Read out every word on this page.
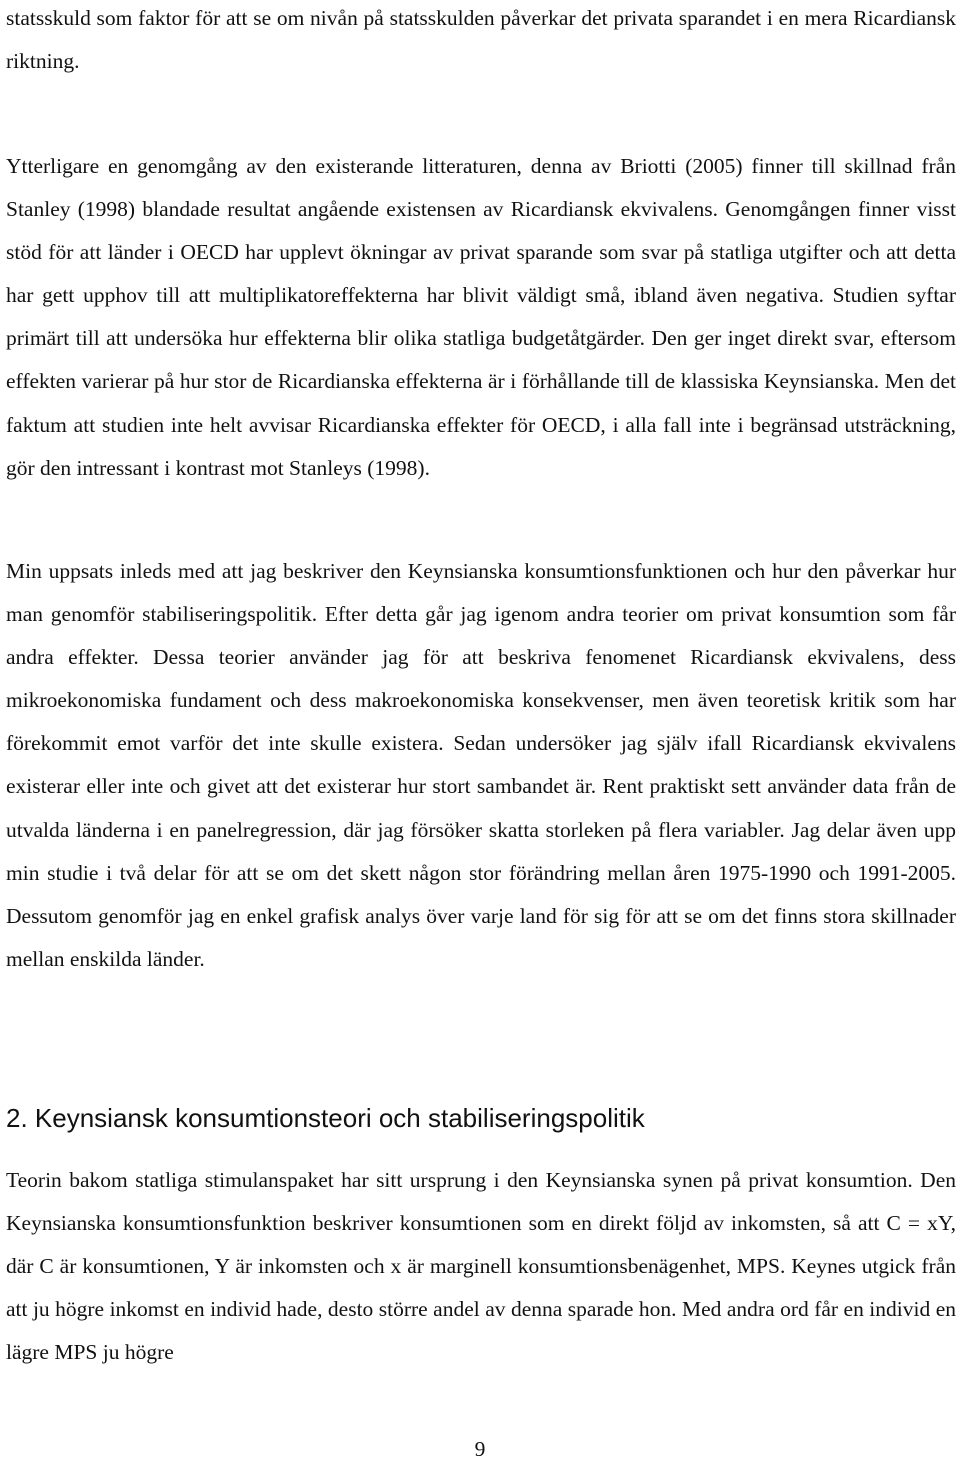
statsskuld som faktor för att se om nivån på statsskulden påverkar det privata sparandet i en mera Ricardiansk riktning.

Ytterligare en genomgång av den existerande litteraturen, denna av Briotti (2005) finner till skillnad från Stanley (1998) blandade resultat angående existensen av Ricardiansk ekvivalens. Genomgången finner visst stöd för att länder i OECD har upplevt ökningar av privat sparande som svar på statliga utgifter och att detta har gett upphov till att multiplikatoreffekterna har blivit väldigt små, ibland även negativa. Studien syftar primärt till att undersöka hur effekterna blir olika statliga budgetåtgärder. Den ger inget direkt svar, eftersom effekten varierar på hur stor de Ricardianska effekterna är i förhållande till de klassiska Keynsianska. Men det faktum att studien inte helt avvisar Ricardianska effekter för OECD, i alla fall inte i begränsad utsträckning, gör den intressant i kontrast mot Stanleys (1998).

Min uppsats inleds med att jag beskriver den Keynsianska konsumtionsfunktionen och hur den påverkar hur man genomför stabiliseringspolitik. Efter detta går jag igenom andra teorier om privat konsumtion som får andra effekter. Dessa teorier använder jag för att beskriva fenomenet Ricardiansk ekvivalens, dess mikroekonomiska fundament och dess makroekonomiska konsekvenser, men även teoretisk kritik som har förekommit emot varför det inte skulle existera. Sedan undersöker jag själv ifall Ricardiansk ekvivalens existerar eller inte och givet att det existerar hur stort sambandet är. Rent praktiskt sett använder data från de utvalda länderna i en panelregression, där jag försöker skatta storleken på flera variabler. Jag delar även upp min studie i två delar för att se om det skett någon stor förändring mellan åren 1975-1990 och 1991-2005. Dessutom genomför jag en enkel grafisk analys över varje land för sig för att se om det finns stora skillnader mellan enskilda länder.

2. Keynsiansk konsumtionsteori och stabiliseringspolitik

Teorin bakom statliga stimulanspaket har sitt ursprung i den Keynsianska synen på privat konsumtion. Den Keynsianska konsumtionsfunktion beskriver konsumtionen som en direkt följd av inkomsten, så att C = xY, där C är konsumtionen, Y är inkomsten och x är marginell konsumtionsbenägenhet, MPS. Keynes utgick från att ju högre inkomst en individ hade, desto större andel av denna sparade hon. Med andra ord får en individ en lägre MPS ju högre

9
